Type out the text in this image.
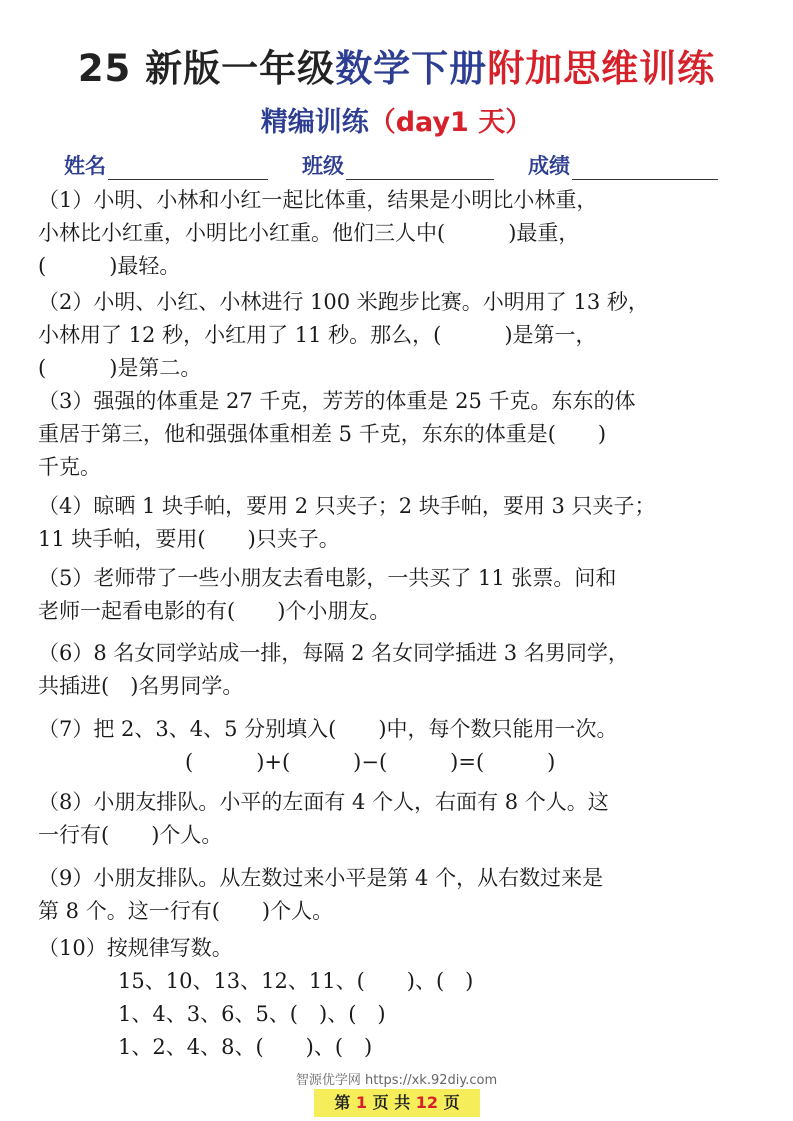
25 新版一年级数学下册附加思维训练
精编训练（day1 天）
姓名	班级	成绩
（1）小明、小林和小红一起比体重，结果是小明比小林重，
小林比小红重，小明比小红重。他们三人中(　　　)最重，
(　　　)最轻。
（2）小明、小红、小林进行 100 米跑步比赛。小明用了 13 秒，
小林用了 12 秒，小红用了 11 秒。那么，(　　　)是第一，
(　　　)是第二。
（3）强强的体重是 27 千克，芳芳的体重是 25 千克。东东的体
重居于第三，他和强强体重相差 5 千克，东东的体重是(　　)
千克。
（4）晾晒 1 块手帕，要用 2 只夹子；2 块手帕，要用 3 只夹子；
11 块手帕，要用(　　)只夹子。
（5）老师带了一些小朋友去看电影，一共买了 11 张票。问和
老师一起看电影的有(　　)个小朋友。
（6）8 名女同学站成一排，每隔 2 名女同学插进 3 名男同学，
共插进(　)名男同学。
（7）把 2、3、4、5 分别填入(　　)中，每个数只能用一次。
　　　　　　　(　　　)+(　　　)−(　　　)=(　　　)
（8）小朋友排队。小平的左面有 4 个人，右面有 8 个人。这
一行有(　　)个人。
（9）小朋友排队。从左数过来小平是第 4 个，从右数过来是
第 8 个。这一行有(　　)个人。
（10）按规律写数。
15、10、13、12、11、(　　)、(　)
1、4、3、6、5、(　)、(　)
1、2、4、8、(　　)、(　)
智源优学网 https://xk.92diy.com
第 1 页 共 12 页
